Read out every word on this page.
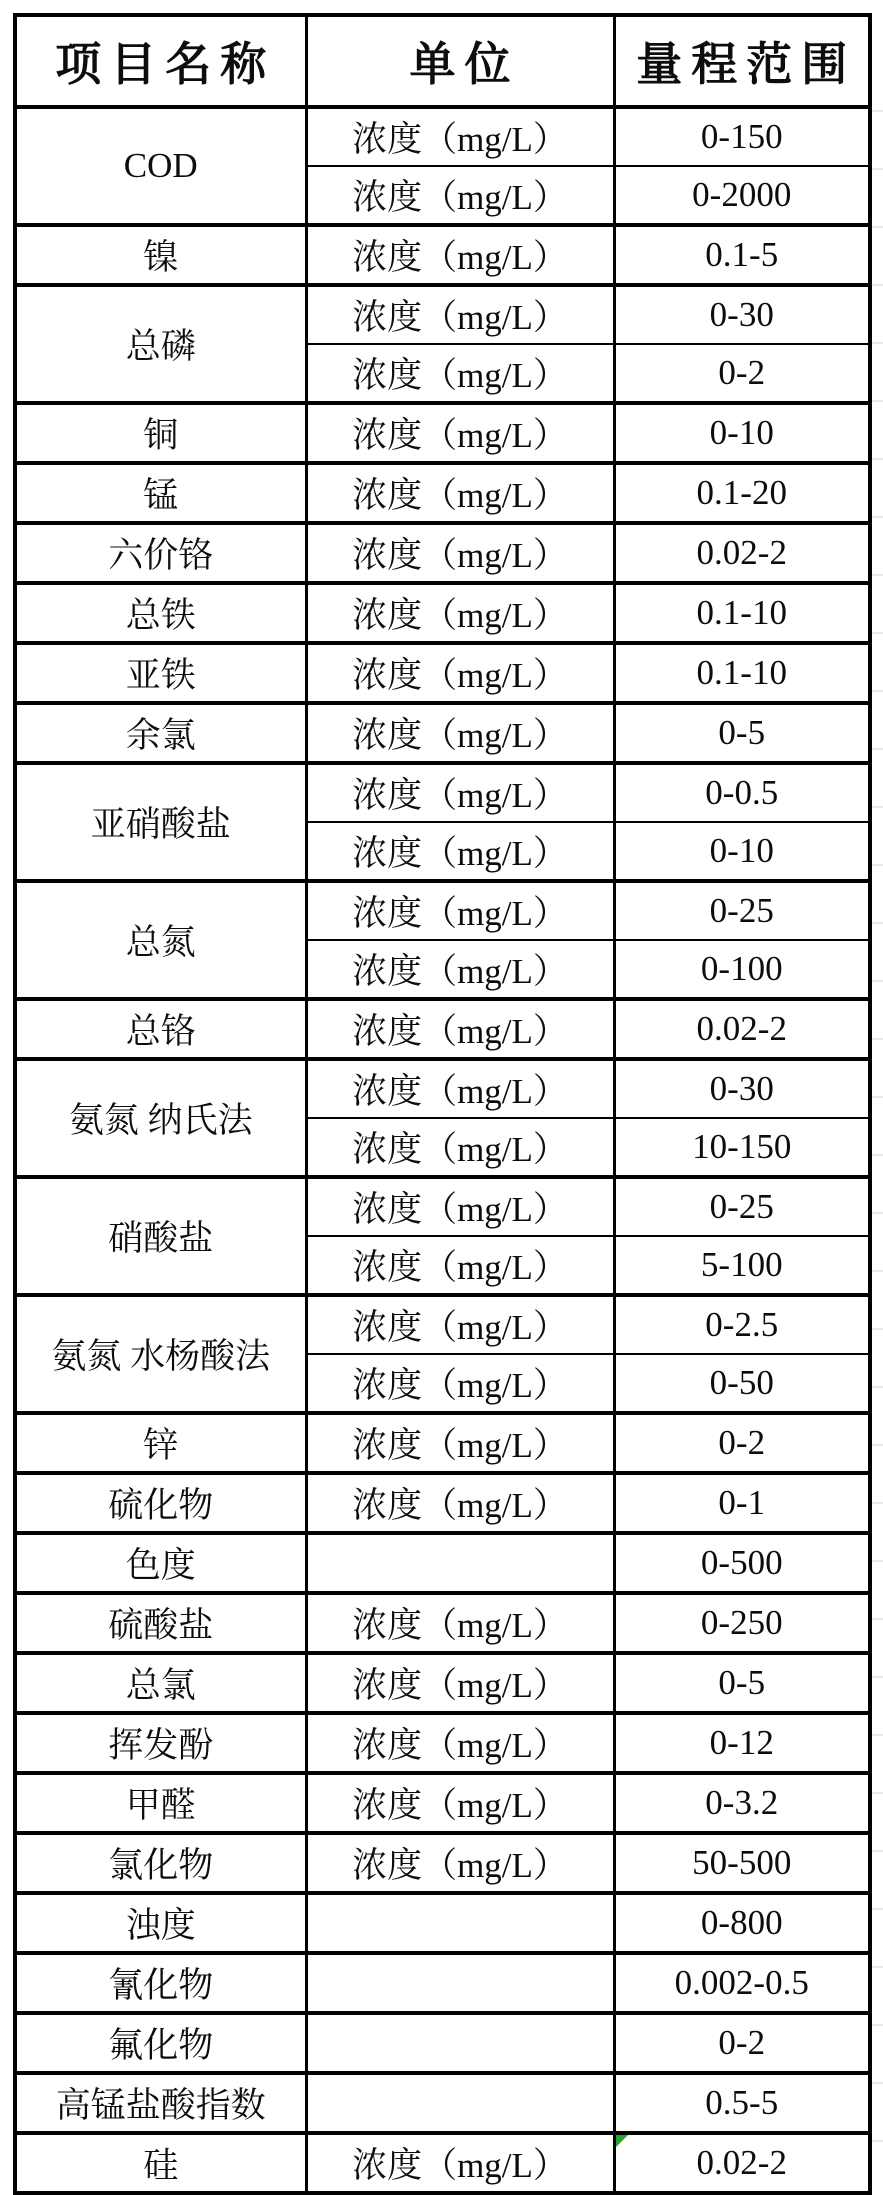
项目名称	单位	量程范围
COD	浓度（mg/L）	0-150
	浓度（mg/L）	0-2000
镍	浓度（mg/L）	0.1-5
总磷	浓度（mg/L）	0-30
	浓度（mg/L）	0-2
铜	浓度（mg/L）	0-10
锰	浓度（mg/L）	0.1-20
六价铬	浓度（mg/L）	0.02-2
总铁	浓度（mg/L）	0.1-10
亚铁	浓度（mg/L）	0.1-10
余氯	浓度（mg/L）	0-5
亚硝酸盐	浓度（mg/L）	0-0.5
	浓度（mg/L）	0-10
总氮	浓度（mg/L）	0-25
	浓度（mg/L）	0-100
总铬	浓度（mg/L）	0.02-2
氨氮 纳氏法	浓度（mg/L）	0-30
	浓度（mg/L）	10-150
硝酸盐	浓度（mg/L）	0-25
	浓度（mg/L）	5-100
氨氮 水杨酸法	浓度（mg/L）	0-2.5
	浓度（mg/L）	0-50
锌	浓度（mg/L）	0-2
硫化物	浓度（mg/L）	0-1
色度		0-500
硫酸盐	浓度（mg/L）	0-250
总氯	浓度（mg/L）	0-5
挥发酚	浓度（mg/L）	0-12
甲醛	浓度（mg/L）	0-3.2
氯化物	浓度（mg/L）	50-500
浊度		0-800
氰化物		0.002-0.5
氟化物		0-2
高锰盐酸指数		0.5-5
硅	浓度（mg/L）	0.02-2
